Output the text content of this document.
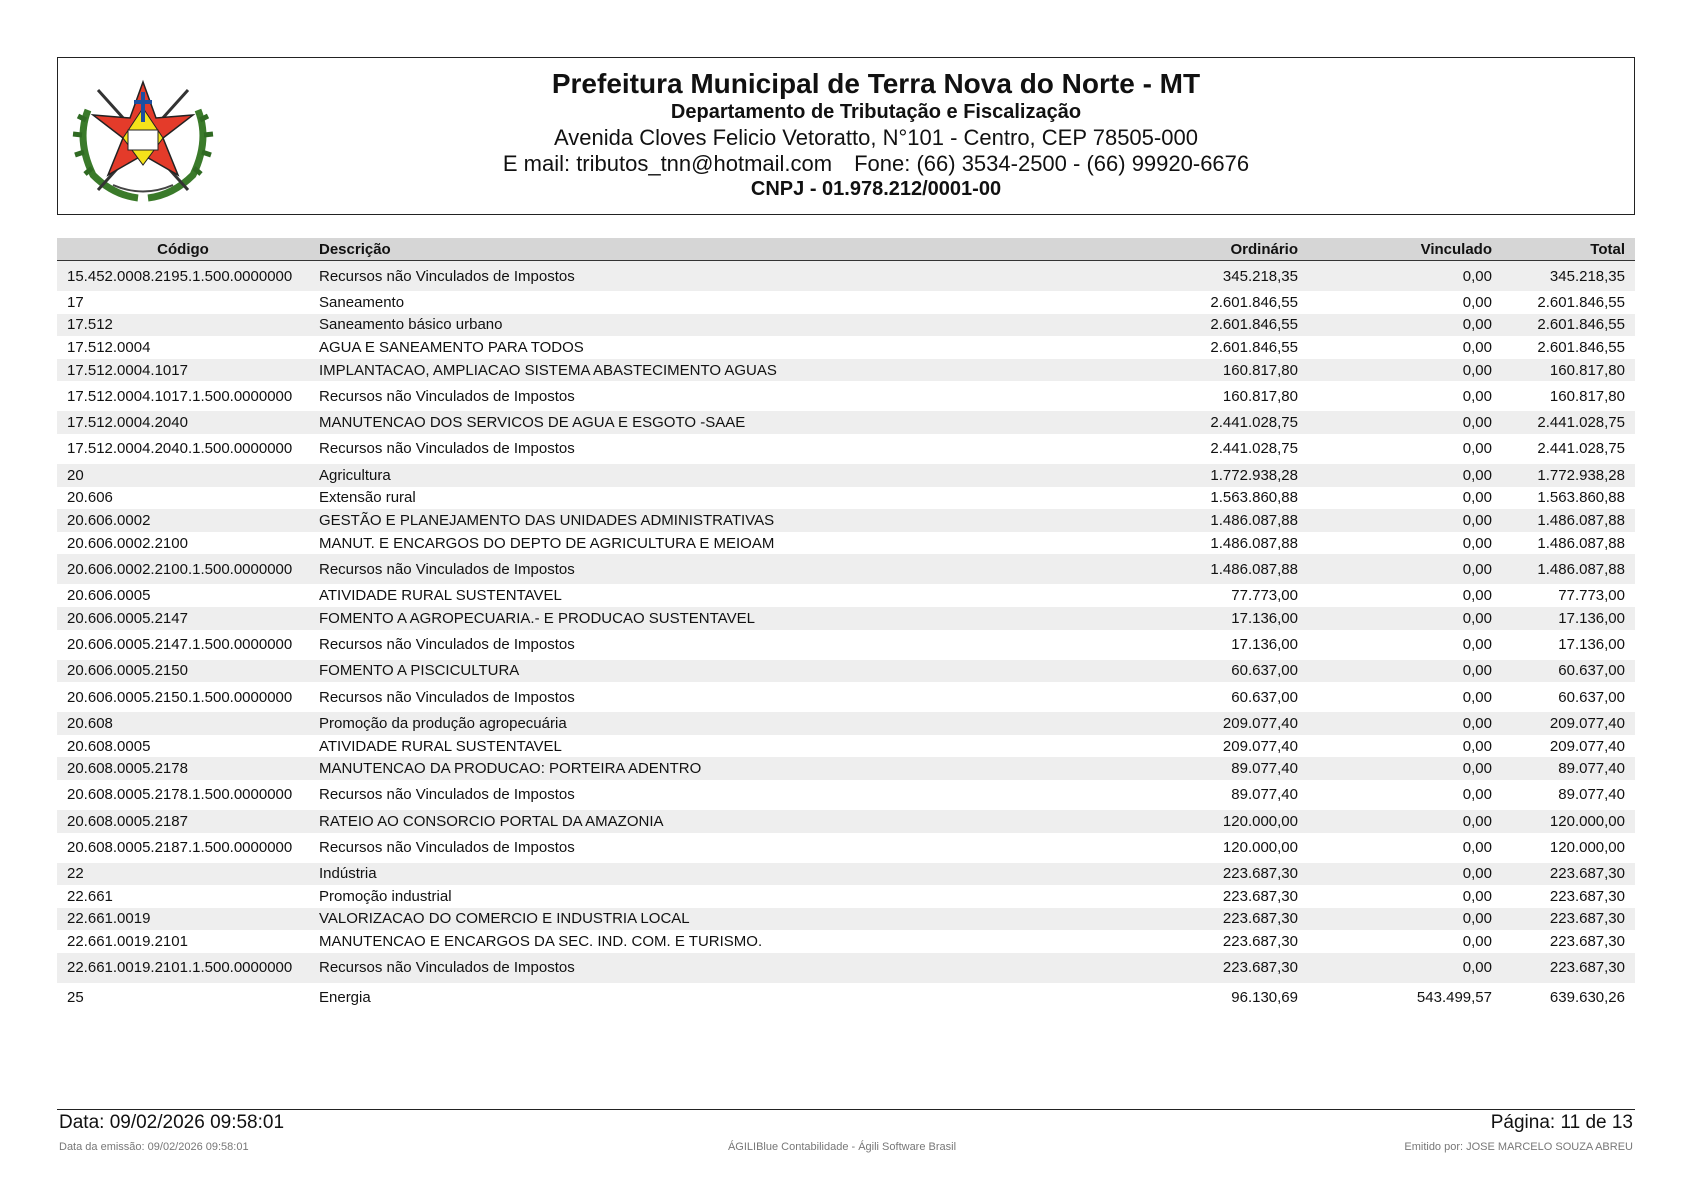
Prefeitura Municipal de Terra Nova do Norte - MT
Departamento de Tributação e Fiscalização
Avenida Cloves Felicio Vetoratto, N°101 - Centro, CEP 78505-000
E mail: tributos_tnn@hotmail.com Fone: (66) 3534-2500 - (66) 99920-6676
CNPJ - 01.978.212/0001-00
Código	Descrição	Ordinário	Vinculado	Total
15.452.0008.2195.1.500.0000000	Recursos não Vinculados de Impostos	345.218,35	0,00	345.218,35
17	Saneamento	2.601.846,55	0,00	2.601.846,55
17.512	Saneamento básico urbano	2.601.846,55	0,00	2.601.846,55
17.512.0004	AGUA E SANEAMENTO PARA TODOS	2.601.846,55	0,00	2.601.846,55
17.512.0004.1017	IMPLANTACAO, AMPLIACAO SISTEMA ABASTECIMENTO AGUAS	160.817,80	0,00	160.817,80
17.512.0004.1017.1.500.0000000	Recursos não Vinculados de Impostos	160.817,80	0,00	160.817,80
17.512.0004.2040	MANUTENCAO DOS SERVICOS DE AGUA E ESGOTO -SAAE	2.441.028,75	0,00	2.441.028,75
17.512.0004.2040.1.500.0000000	Recursos não Vinculados de Impostos	2.441.028,75	0,00	2.441.028,75
20	Agricultura	1.772.938,28	0,00	1.772.938,28
20.606	Extensão rural	1.563.860,88	0,00	1.563.860,88
20.606.0002	GESTÃO E PLANEJAMENTO DAS UNIDADES ADMINISTRATIVAS	1.486.087,88	0,00	1.486.087,88
20.606.0002.2100	MANUT. E ENCARGOS DO DEPTO DE AGRICULTURA E MEIOAM	1.486.087,88	0,00	1.486.087,88
20.606.0002.2100.1.500.0000000	Recursos não Vinculados de Impostos	1.486.087,88	0,00	1.486.087,88
20.606.0005	ATIVIDADE RURAL SUSTENTAVEL	77.773,00	0,00	77.773,00
20.606.0005.2147	FOMENTO A AGROPECUARIA.- E PRODUCAO SUSTENTAVEL	17.136,00	0,00	17.136,00
20.606.0005.2147.1.500.0000000	Recursos não Vinculados de Impostos	17.136,00	0,00	17.136,00
20.606.0005.2150	FOMENTO A PISCICULTURA	60.637,00	0,00	60.637,00
20.606.0005.2150.1.500.0000000	Recursos não Vinculados de Impostos	60.637,00	0,00	60.637,00
20.608	Promoção da produção agropecuária	209.077,40	0,00	209.077,40
20.608.0005	ATIVIDADE RURAL SUSTENTAVEL	209.077,40	0,00	209.077,40
20.608.0005.2178	MANUTENCAO DA PRODUCAO: PORTEIRA ADENTRO	89.077,40	0,00	89.077,40
20.608.0005.2178.1.500.0000000	Recursos não Vinculados de Impostos	89.077,40	0,00	89.077,40
20.608.0005.2187	RATEIO AO CONSORCIO PORTAL DA AMAZONIA	120.000,00	0,00	120.000,00
20.608.0005.2187.1.500.0000000	Recursos não Vinculados de Impostos	120.000,00	0,00	120.000,00
22	Indústria	223.687,30	0,00	223.687,30
22.661	Promoção industrial	223.687,30	0,00	223.687,30
22.661.0019	VALORIZACAO DO COMERCIO E INDUSTRIA LOCAL	223.687,30	0,00	223.687,30
22.661.0019.2101	MANUTENCAO E ENCARGOS DA SEC. IND. COM. E TURISMO.	223.687,30	0,00	223.687,30
22.661.0019.2101.1.500.0000000	Recursos não Vinculados de Impostos	223.687,30	0,00	223.687,30
25	Energia	96.130,69	543.499,57	639.630,26
Data: 09/02/2026 09:58:01	Página: 11 de 13
Data da emissão: 09/02/2026 09:58:01	ÁGILIBlue Contabilidade - Ágili Software Brasil	Emitido por: JOSE MARCELO SOUZA ABREU
